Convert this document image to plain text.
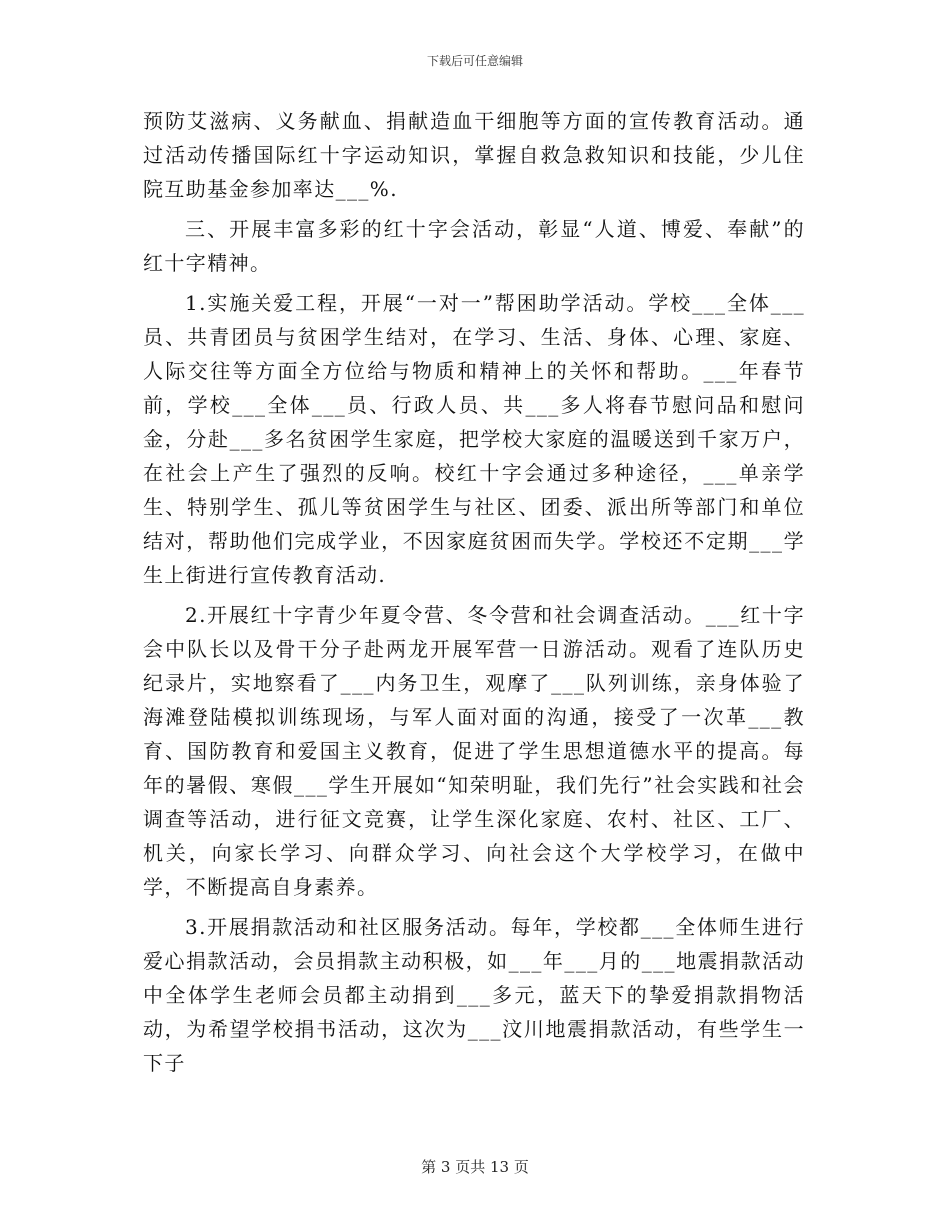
下载后可任意编辑

预防艾滋病、义务献血、捐献造血干细胞等方面的宣传教育活动。通过活动传播国际红十字运动知识，掌握自救急救知识和技能，少儿住院互助基金参加率达___%.

三、开展丰富多彩的红十字会活动，彰显“人道、博爱、奉献”的红十字精神。

1.实施关爱工程，开展“一对一”帮困助学活动。学校___全体___员、共青团员与贫困学生结对，在学习、生活、身体、心理、家庭、人际交往等方面全方位给与物质和精神上的关怀和帮助。___年春节前，学校___全体___员、行政人员、共___多人将春节慰问品和慰问金，分赴___多名贫困学生家庭，把学校大家庭的温暖送到千家万户，在社会上产生了强烈的反响。校红十字会通过多种途径，___单亲学生、特别学生、孤儿等贫困学生与社区、团委、派出所等部门和单位结对，帮助他们完成学业，不因家庭贫困而失学。学校还不定期___学生上街进行宣传教育活动.

2.开展红十字青少年夏令营、冬令营和社会调查活动。___红十字会中队长以及骨干分子赴两龙开展军营一日游活动。观看了连队历史纪录片，实地察看了___内务卫生，观摩了___队列训练，亲身体验了海滩登陆模拟训练现场，与军人面对面的沟通，接受了一次革___教育、国防教育和爱国主义教育，促进了学生思想道德水平的提高。每年的暑假、寒假___学生开展如“知荣明耻，我们先行”社会实践和社会调查等活动，进行征文竞赛，让学生深化家庭、农村、社区、工厂、机关，向家长学习、向群众学习、向社会这个大学校学习，在做中学，不断提高自身素养。

3.开展捐款活动和社区服务活动。每年，学校都___全体师生进行爱心捐款活动，会员捐款主动积极，如___年___月的___地震捐款活动中全体学生老师会员都主动捐到___多元，蓝天下的挚爱捐款捐物活动，为希望学校捐书活动，这次为___汶川地震捐款活动，有些学生一下子

第 3 页共 13 页
